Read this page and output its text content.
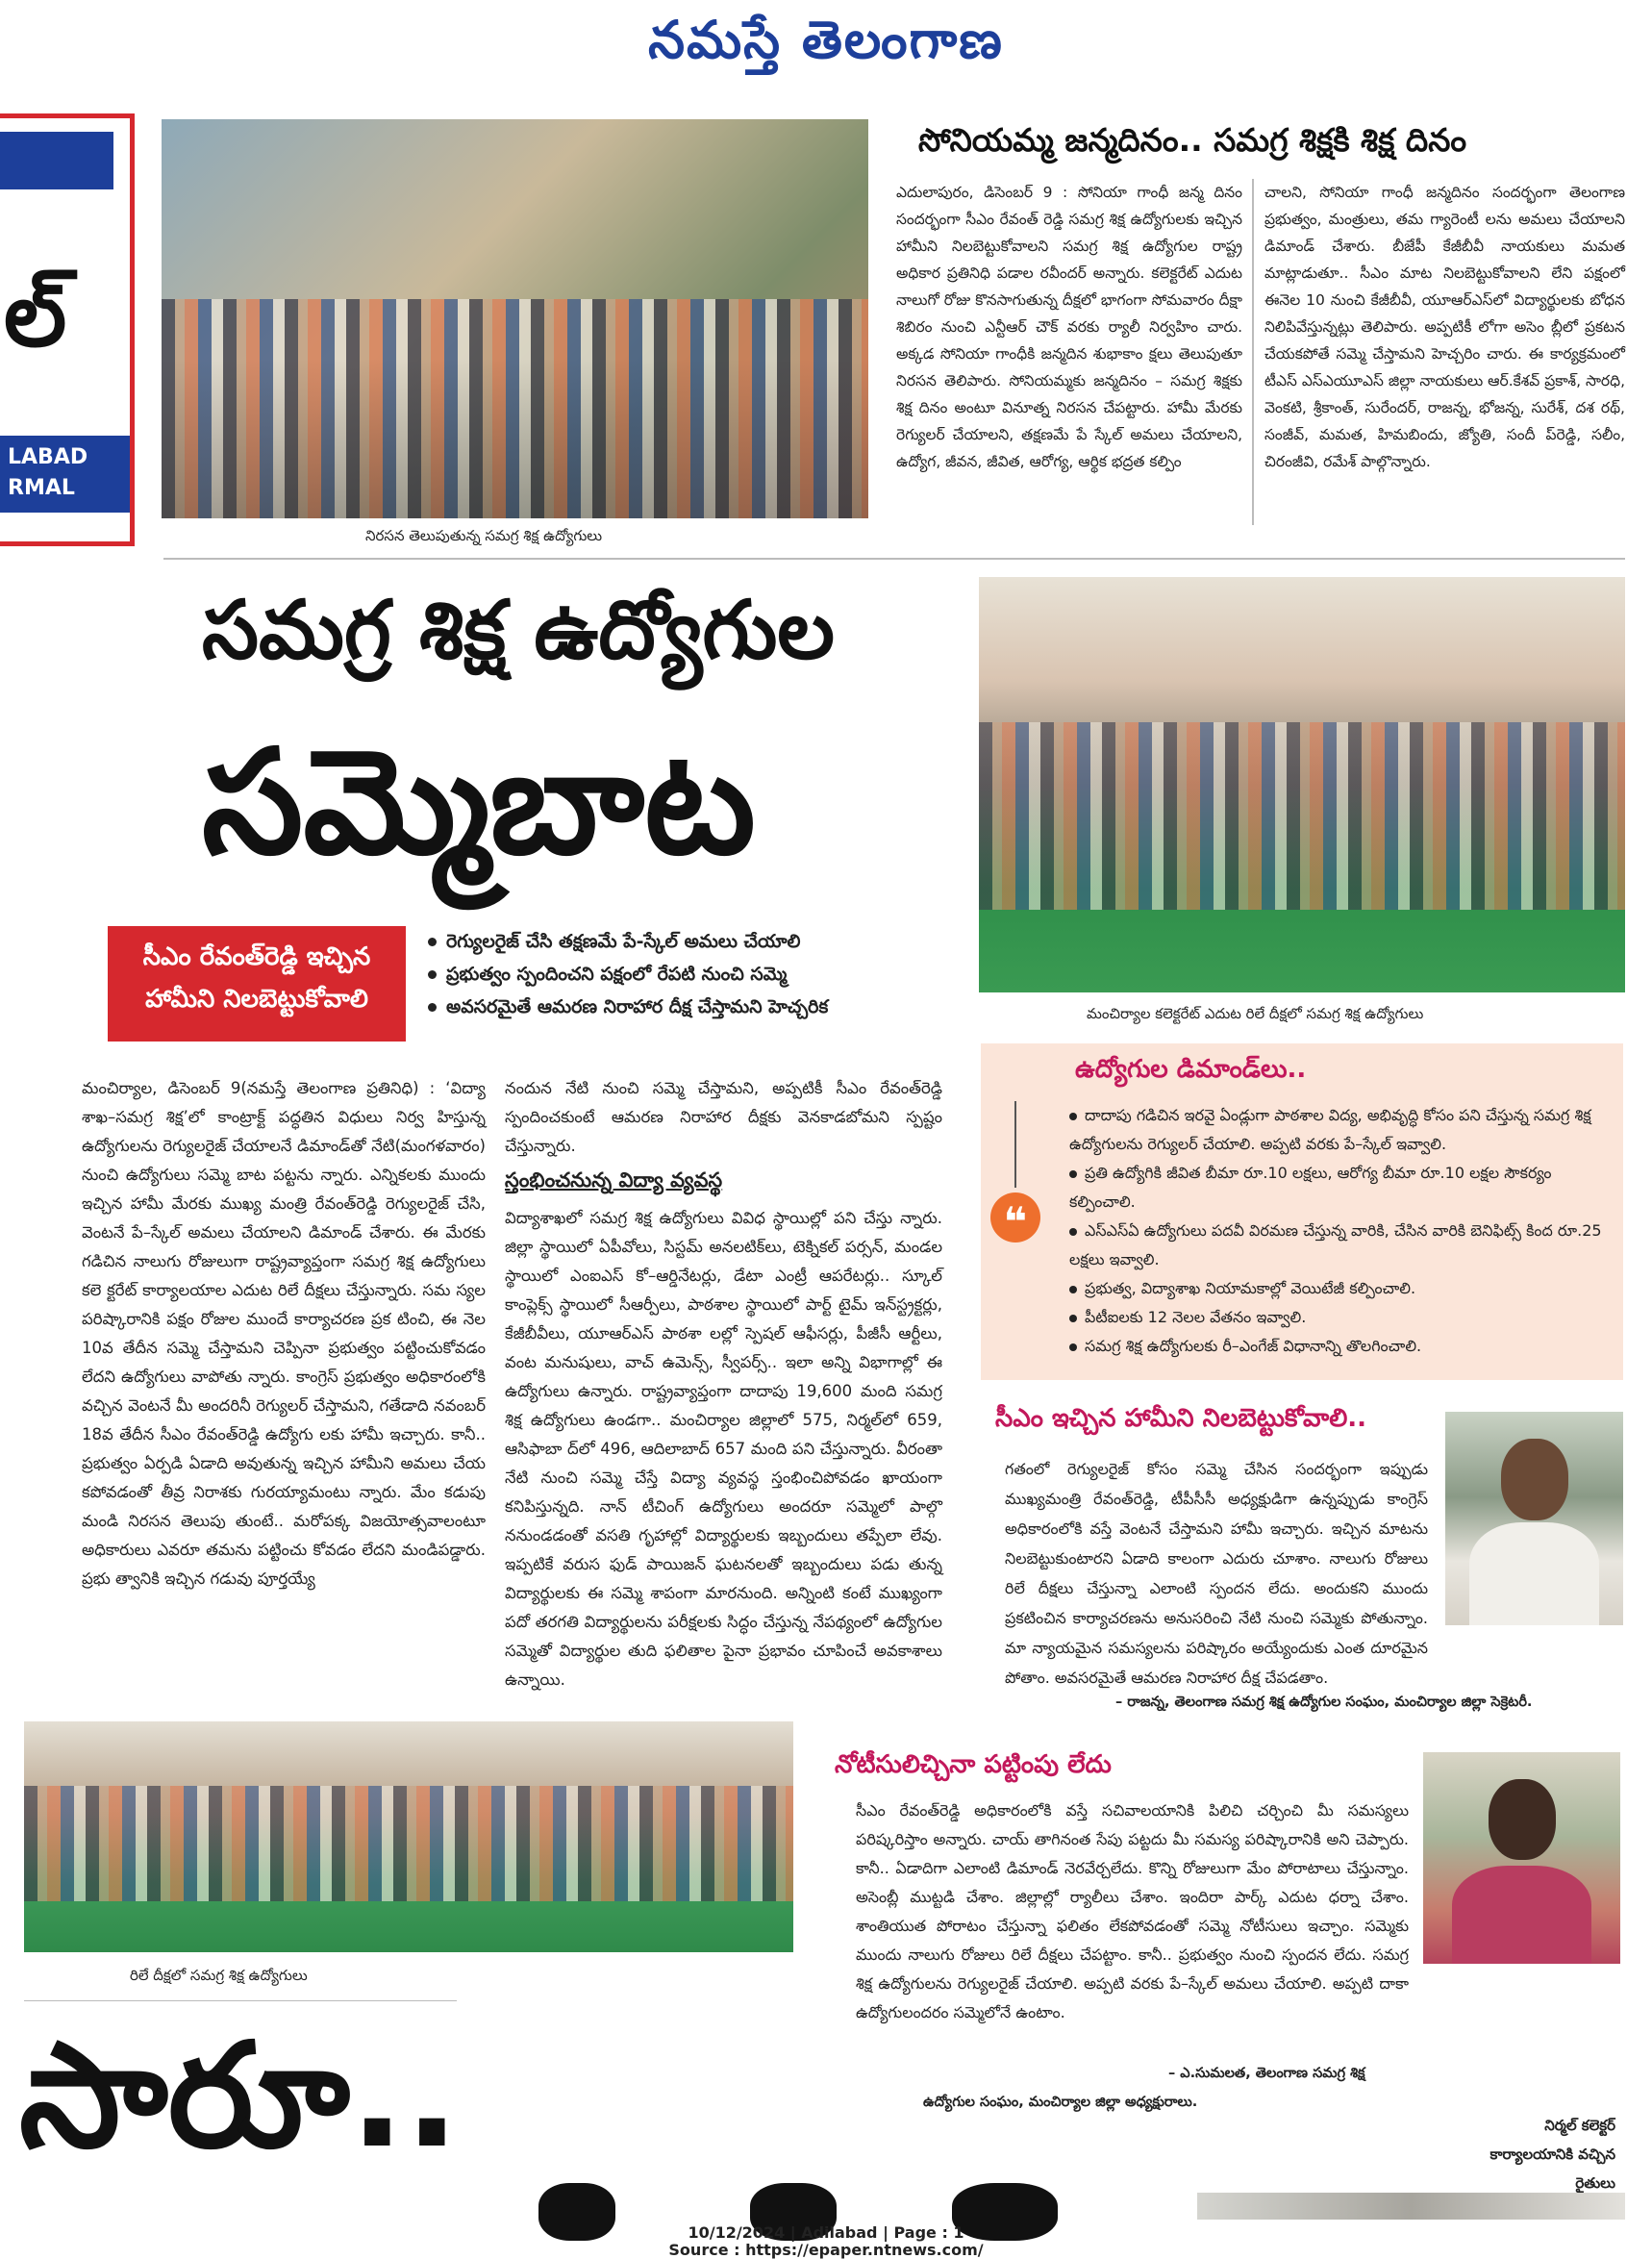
నమస్తే తెలంగాణ
ల్
LABAD
RMAL
నిరసన తెలుపుతున్న సమగ్ర శిక్ష ఉద్యోగులు
సోనియమ్మ జన్మదినం.. సమగ్ర శిక్షకి శిక్ష దినం
ఎదులాపురం, డిసెంబర్ 9 : సోనియా గాంధీ జన్మ దినం సందర్భంగా సీఎం రేవంత్ రెడ్డి సమగ్ర శిక్ష ఉద్యోగులకు ఇచ్చిన హామీని నిలబెట్టుకోవాలని సమగ్ర శిక్ష ఉద్యోగుల రాష్ట్ర అధికార ప్రతినిధి పడాల రవీందర్ అన్నారు. కలెక్టరేట్ ఎదుట నాలుగో రోజు కొనసాగుతున్న దీక్షలో భాగంగా సోమవారం దీక్షా శిబిరం నుంచి ఎన్టీఆర్ చౌక్ వరకు ర్యాలీ నిర్వహిం చారు. అక్కడ సోనియా గాంధీకి జన్మదిన శుభాకాం క్షలు తెలుపుతూ నిరసన తెలిపారు. సోనియమ్మకు జన్మదినం – సమగ్ర శిక్షకు శిక్ష దినం అంటూ వినూత్న నిరసన చేపట్టారు. హామీ మేరకు రెగ్యులర్ చేయాలని, తక్షణమే పే స్కేల్ అమలు చేయాలని, ఉద్యోగ, జీవన, జీవిత, ఆరోగ్య, ఆర్థిక భద్రత కల్పిం
చాలని, సోనియా గాంధీ జన్మదినం సందర్భంగా తెలంగాణ ప్రభుత్వం, మంత్రులు, తమ గ్యారెంటీ లను అమలు చేయాలని డిమాండ్ చేశారు. బీజేపీ కేజీబీవీ నాయకులు మమత మాట్లాడుతూ.. సీఎం మాట నిలబెట్టుకోవాలని లేని పక్షంలో ఈనెల 10 నుంచి కేజీబీవీ, యూఆర్ఎస్‌లో విద్యార్థులకు బోధన నిలిపివేస్తున్నట్లు తెలిపారు. అప్పటికీ లోగా అసెం బ్లీలో ప్రకటన చేయకపోతే సమ్మె చేస్తామని హెచ్చరిం చారు. ఈ కార్యక్రమంలో టీఎస్ ఎస్ఎయూఎస్ జిల్లా నాయకులు ఆర్.కేశవ్ ప్రకాశ్, సారధి, వెంకటి, శ్రీకాంత్, సురేందర్, రాజన్న, భోజన్న, సురేశ్, దశ రథ్, సంజీవ్, మమత, హిమబిందు, జ్యోతి, సందీ ప్‌రెడ్డి, సలీం, చిరంజీవి, రమేశ్ పాల్గొన్నారు.
సమగ్ర శిక్ష ఉద్యోగుల
సమ్మెబాట
సీఎం రేవంత్‌రెడ్డి ఇచ్చిన హామీని నిలబెట్టుకోవాలి
రెగ్యులరైజ్ చేసి తక్షణమే పే-స్కేల్ అమలు చేయాలి
ప్రభుత్వం స్పందించని పక్షంలో రేపటి నుంచి సమ్మె
అవసరమైతే ఆమరణ నిరాహార దీక్ష చేస్తామని హెచ్చరిక	మంచిర్యాల కలెక్టరేట్ ఎదుట రిలే దీక్షలో సమగ్ర శిక్ష ఉద్యోగులు
మంచిర్యాల, డిసెంబర్ 9(నమస్తే తెలంగాణ ప్రతినిధి) : ‘విద్యా శాఖ–సమగ్ర శిక్ష’లో కాంట్రాక్ట్ పద్ధతిన విధులు నిర్వ హిస్తున్న ఉద్యోగులను రెగ్యులరైజ్ చేయాలనే డిమాండ్‌తో నేటి(మంగళవారం) నుంచి ఉద్యోగులు సమ్మె బాట పట్టను న్నారు. ఎన్నికలకు ముందు ఇచ్చిన హామీ మేరకు ముఖ్య మంత్రి రేవంత్‌రెడ్డి రెగ్యులరైజ్ చేసి, వెంటనే పే–స్కేల్ అమలు చేయాలని డిమాండ్ చేశారు. ఈ మేరకు గడిచిన నాలుగు రోజులుగా రాష్ట్రవ్యాప్తంగా సమగ్ర శిక్ష ఉద్యోగులు కలె క్టరేట్ కార్యాలయాల ఎదుట రిలే దీక్షలు చేస్తున్నారు. సమ స్యల పరిష్కారానికి పక్షం రోజుల ముందే కార్యాచరణ ప్రక టించి, ఈ నెల 10వ తేదీన సమ్మె చేస్తామని చెప్పినా ప్రభుత్వం పట్టించుకోవడం లేదని ఉద్యోగులు వాపోతు న్నారు. కాంగ్రెస్ ప్రభుత్వం అధికారంలోకి వచ్చిన వెంటనే మీ అందరినీ రెగ్యులర్ చేస్తామని, గతేడాది నవంబర్ 18వ తేదీన సీఎం రేవంత్‌రెడ్డి ఉద్యోగు లకు హామీ ఇచ్చారు. కానీ.. ప్రభుత్వం ఏర్పడి ఏడాది అవుతున్న ఇచ్చిన హామీని అమలు చేయ కపోవడంతో తీవ్ర నిరాశకు గురయ్యామంటు న్నారు. మేం కడుపు మండి నిరసన తెలుపు తుంటే.. మరోపక్క విజయోత్సవాలంటూ అధికారులు ఎవరూ తమను పట్టించు కోవడం లేదని మండిపడ్డారు. ప్రభు త్వానికి ఇచ్చిన గడువు పూర్తయ్యే
నందున నేటి నుంచి సమ్మె చేస్తామని, అప్పటికీ సీఎం రేవంత్‌రెడ్డి స్పందించకుంటే ఆమరణ నిరాహార దీక్షకు వెనకాడబోమని స్పష్టం చేస్తున్నారు.
స్తంభించనున్న విద్యా వ్యవస్థ
విద్యాశాఖలో సమగ్ర శిక్ష ఉద్యోగులు వివిధ స్థాయిల్లో పని చేస్తు న్నారు. జిల్లా స్థాయిలో ఏపీవోలు, సిస్టమ్ అనలటిక్‌లు, టెక్నికల్ పర్సన్, మండల స్థాయిలో ఎంఐఎస్ కో–ఆర్డినేటర్లు, డేటా ఎంట్రీ ఆపరేటర్లు.. స్కూల్ కాంప్లెక్స్ స్థాయిలో సీఆర్పీలు, పాఠశాల స్థాయిలో పార్ట్ టైమ్ ఇన్‌స్ట్రక్టర్లు, కేజీబీవీలు, యూఆర్ఎస్ పాఠశా లల్లో స్పెషల్ ఆఫీసర్లు, పీజీసీ ఆర్టీలు, వంట మనుషులు, వాచ్ ఉమెన్స్, స్వీపర్స్.. ఇలా అన్ని విభాగాల్లో ఈ ఉద్యోగులు ఉన్నారు. రాష్ట్రవ్యాప్తంగా దాదాపు 19,600 మంది సమగ్ర శిక్ష ఉద్యోగులు ఉండగా.. మంచిర్యాల జిల్లాలో 575, నిర్మల్‌లో 659, ఆసిఫాబా ద్‌లో 496, ఆదిలాబాద్ 657 మంది పని చేస్తున్నారు. వీరంతా నేటి నుంచి సమ్మె చేస్తే విద్యా వ్యవస్థ స్తంభించిపోవడం ఖాయంగా కనిపిస్తున్నది. నాన్ టీచింగ్ ఉద్యోగులు అందరూ సమ్మెలో పాల్గొ ననుండడంతో వసతి గృహాల్లో విద్యార్థులకు ఇబ్బందులు తప్పేలా లేవు. ఇప్పటికే వరుస ఫుడ్ పాయిజన్ ఘటనలతో ఇబ్బందులు పడు తున్న విద్యార్థులకు ఈ సమ్మె శాపంగా మారనుంది. అన్నింటి కంటే ముఖ్యంగా పదో తరగతి విద్యార్థులను పరీక్షలకు సిద్ధం చేస్తున్న నేపథ్యంలో ఉద్యోగుల సమ్మెతో విద్యార్థుల తుది ఫలితాల పైనా ప్రభావం చూపించే అవకాశాలు ఉన్నాయి.
ఉద్యోగుల డిమాండ్‌లు..
❝
దాదాపు గడిచిన ఇరవై ఏండ్లుగా పాఠశాల విద్య, అభివృద్ధి కోసం పని చేస్తున్న సమగ్ర శిక్ష ఉద్యోగులను రెగ్యులర్ చేయాలి. అప్పటి వరకు పే–స్కేల్ ఇవ్వాలి.
ప్రతి ఉద్యోగికి జీవిత బీమా రూ.10 లక్షలు, ఆరోగ్య బీమా రూ.10 లక్షల సౌకర్యం కల్పించాలి.
ఎస్ఎస్ఏ ఉద్యోగులు పదవీ విరమణ చేస్తున్న వారికి, చేసిన వారికి బెనిఫిట్స్ కింద రూ.25 లక్షలు ఇవ్వాలి.
ప్రభుత్వ, విద్యాశాఖ నియామకాల్లో వెయిటేజీ కల్పించాలి.
పీటీఐలకు 12 నెలల వేతనం ఇవ్వాలి.
సమగ్ర శిక్ష ఉద్యోగులకు రీ–ఎంగేజ్ విధానాన్ని తొలగించాలి.
సీఎం ఇచ్చిన హామీని నిలబెట్టుకోవాలి..
గతంలో రెగ్యులరైజ్ కోసం సమ్మె చేసిన సందర్భంగా ఇప్పుడు ముఖ్యమంత్రి రేవంత్‌రెడ్డి, టీపీసీసీ అధ్యక్షుడిగా ఉన్నప్పుడు కాంగ్రెస్ అధికారంలోకి వస్తే వెంటనే చేస్తామని హామీ ఇచ్చారు. ఇచ్చిన మాటను నిలబెట్టుకుంటారని ఏడాది కాలంగా ఎదురు చూశాం. నాలుగు రోజులు రిలే దీక్షలు చేస్తున్నా ఎలాంటి స్పందన లేదు. అందుకని ముందు ప్రకటించిన కార్యాచరణను అనుసరించి నేటి నుంచి సమ్మెకు పోతున్నాం. మా న్యాయమైన సమస్యలను పరిష్కారం అయ్యేందుకు ఎంత దూరమైన పోతాం. అవసరమైతే ఆమరణ నిరాహార దీక్ష చేపడతాం.
– రాజన్న, తెలంగాణ సమగ్ర శిక్ష ఉద్యోగుల సంఘం, మంచిర్యాల జిల్లా సెక్రెటరీ.
రిలే దీక్షలో సమగ్ర శిక్ష ఉద్యోగులు
నోటీసులిచ్చినా పట్టింపు లేదు
సీఎం రేవంత్‌రెడ్డి అధికారంలోకి వస్తే సచివాలయానికి పిలిచి చర్చించి మీ సమస్యలు పరిష్కరిస్తాం అన్నారు. చాయ్ తాగినంత సేపు పట్టదు మీ సమస్య పరిష్కారానికి అని చెప్పారు. కానీ.. ఏడాదిగా ఎలాంటి డిమాండ్ నెరవేర్చలేదు. కొన్ని రోజులుగా మేం పోరాటాలు చేస్తున్నాం. అసెంబ్లీ ముట్టడి చేశాం. జిల్లాల్లో ర్యాలీలు చేశాం. ఇందిరా పార్క్ ఎదుట ధర్నా చేశాం. శాంతియుత పోరాటం చేస్తున్నా ఫలితం లేకపోవడంతో సమ్మె నోటీసులు ఇచ్చాం. సమ్మెకు ముందు నాలుగు రోజులు రిలే దీక్షలు చేపట్టాం. కానీ.. ప్రభుత్వం నుంచి స్పందన లేదు. సమగ్ర శిక్ష ఉద్యోగులను రెగ్యులరైజ్ చేయాలి. అప్పటి వరకు పే–స్కేల్ అమలు చేయాలి. అప్పటి దాకా ఉద్యోగులందరం సమ్మెలోనే ఉంటాం.
– ఎ.సుమలత, తెలంగాణ సమగ్ర శిక్ష
ఉద్యోగుల సంఘం, మంచిర్యాల జిల్లా అధ్యక్షురాలు.
సారూ..	నిర్మల్ కలెక్టర్
కార్యాలయానికి వచ్చిన
రైతులు
10/12/2024 | Adilabad | Page : 1
Source : https://epaper.ntnews.com/
